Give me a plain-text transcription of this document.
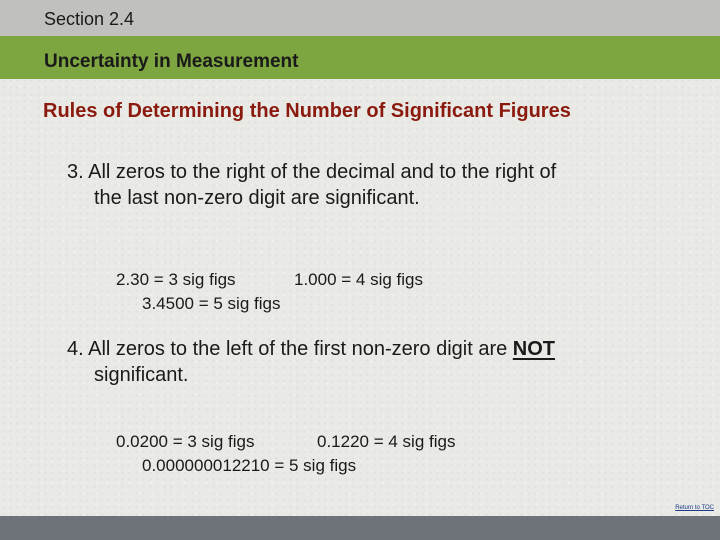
Section 2.4
Uncertainty in Measurement
Rules of Determining the Number of Significant Figures
3. All zeros to the right of the decimal and to the right of
the last non-zero digit are significant.
2.30 = 3 sig figs	1.000 = 4 sig figs
3.4500 = 5 sig figs
4. All zeros to the left of the first non-zero digit are NOT
significant.
0.0200 = 3 sig figs	0.1220 = 4 sig figs
0.000000012210 = 5 sig figs
Return to TOC
